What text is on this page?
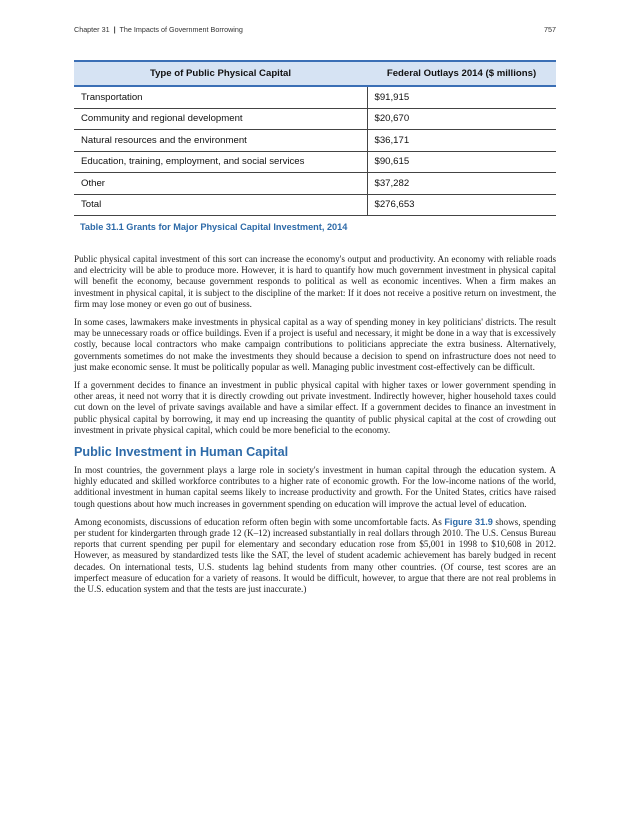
Chapter 31 | The Impacts of Government Borrowing	757
Type of Public Physical Capital	Federal Outlays 2014 ($ millions)
Transportation	$91,915
Community and regional development	$20,670
Natural resources and the environment	$36,171
Education, training, employment, and social services	$90,615
Other	$37,282
Total	$276,653
Table 31.1 Grants for Major Physical Capital Investment, 2014

Public physical capital investment of this sort can increase the economy's output and productivity. An economy with reliable roads and electricity will be able to produce more. However, it is hard to quantify how much government investment in physical capital will benefit the economy, because government responds to political as well as economic incentives. When a firm makes an investment in physical capital, it is subject to the discipline of the market: If it does not receive a positive return on investment, the firm may lose money or even go out of business.

In some cases, lawmakers make investments in physical capital as a way of spending money in key politicians' districts. The result may be unnecessary roads or office buildings. Even if a project is useful and necessary, it might be done in a way that is excessively costly, because local contractors who make campaign contributions to politicians appreciate the extra business. Alternatively, governments sometimes do not make the investments they should because a decision to spend on infrastructure does not need to just make economic sense. It must be politically popular as well. Managing public investment cost-effectively can be difficult.

If a government decides to finance an investment in public physical capital with higher taxes or lower government spending in other areas, it need not worry that it is directly crowding out private investment. Indirectly however, higher household taxes could cut down on the level of private savings available and have a similar effect. If a government decides to finance an investment in public physical capital by borrowing, it may end up increasing the quantity of public physical capital at the cost of crowding out investment in private physical capital, which could be more beneficial to the economy.

Public Investment in Human Capital

In most countries, the government plays a large role in society's investment in human capital through the education system. A highly educated and skilled workforce contributes to a higher rate of economic growth. For the low-income nations of the world, additional investment in human capital seems likely to increase productivity and growth. For the United States, critics have raised tough questions about how much increases in government spending on education will improve the actual level of education.

Among economists, discussions of education reform often begin with some uncomfortable facts. As Figure 31.9 shows, spending per student for kindergarten through grade 12 (K–12) increased substantially in real dollars through 2010. The U.S. Census Bureau reports that current spending per pupil for elementary and secondary education rose from $5,001 in 1998 to $10,608 in 2012. However, as measured by standardized tests like the SAT, the level of student academic achievement has barely budged in recent decades. On international tests, U.S. students lag behind students from many other countries. (Of course, test scores are an imperfect measure of education for a variety of reasons. It would be difficult, however, to argue that there are not real problems in the U.S. education system and that the tests are just inaccurate.)
